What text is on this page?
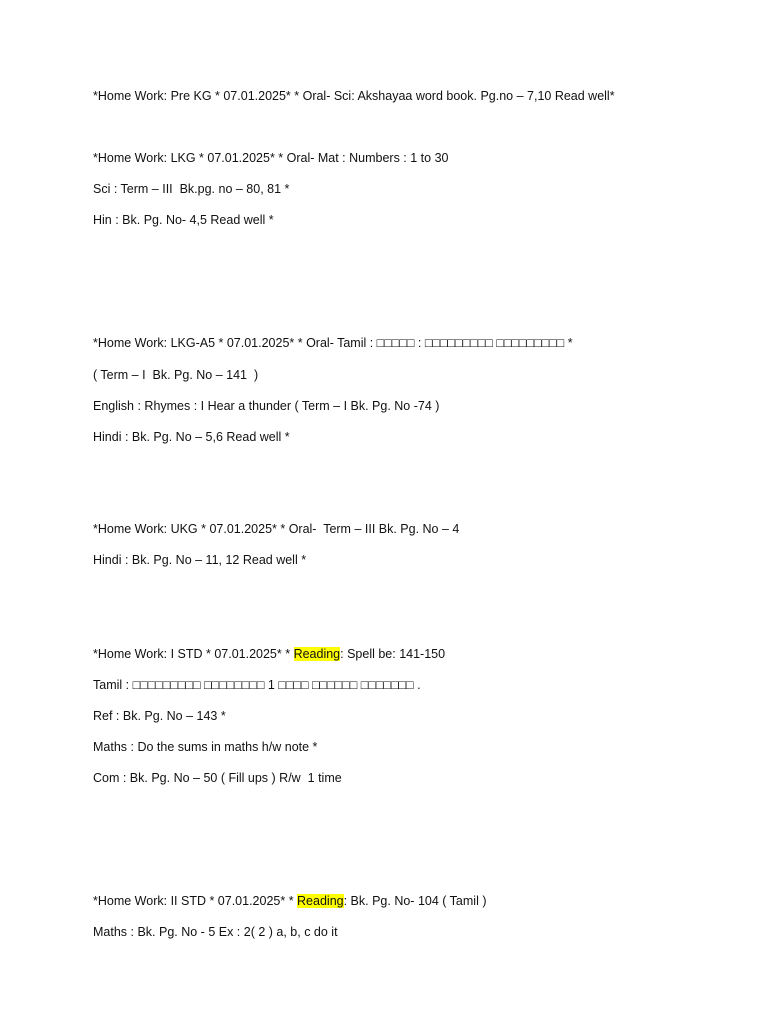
*Home Work: Pre KG * 07.01.2025* * Oral- Sci: Akshayaa word book. Pg.no – 7,10 Read well*
*Home Work: LKG * 07.01.2025* * Oral- Mat : Numbers : 1 to 30
Sci : Term – III  Bk.pg. no – 80, 81 *
Hin : Bk. Pg. No- 4,5 Read well *
*Home Work: LKG-A5 * 07.01.2025* * Oral- Tamil : □□□□□ : □□□□□□□□□ □□□□□□□□□ *
( Term – I  Bk. Pg. No – 141  )
English : Rhymes : I Hear a thunder ( Term – I Bk. Pg. No -74 )
Hindi : Bk. Pg. No – 5,6 Read well *
*Home Work: UKG * 07.01.2025* * Oral-  Term – III Bk. Pg. No – 4
Hindi : Bk. Pg. No – 11, 12 Read well *
*Home Work: I STD * 07.01.2025* * Reading: Spell be: 141-150
Tamil : □□□□□□□□□ □□□□□□□□ 1 □□□□ □□□□□□ □□□□□□□ .
Ref : Bk. Pg. No – 143 *
Maths : Do the sums in maths h/w note *
Com : Bk. Pg. No – 50 ( Fill ups ) R/w  1 time
*Home Work: II STD * 07.01.2025* * Reading: Bk. Pg. No- 104 ( Tamil )
Maths : Bk. Pg. No - 5 Ex : 2( 2 ) a, b, c do it
